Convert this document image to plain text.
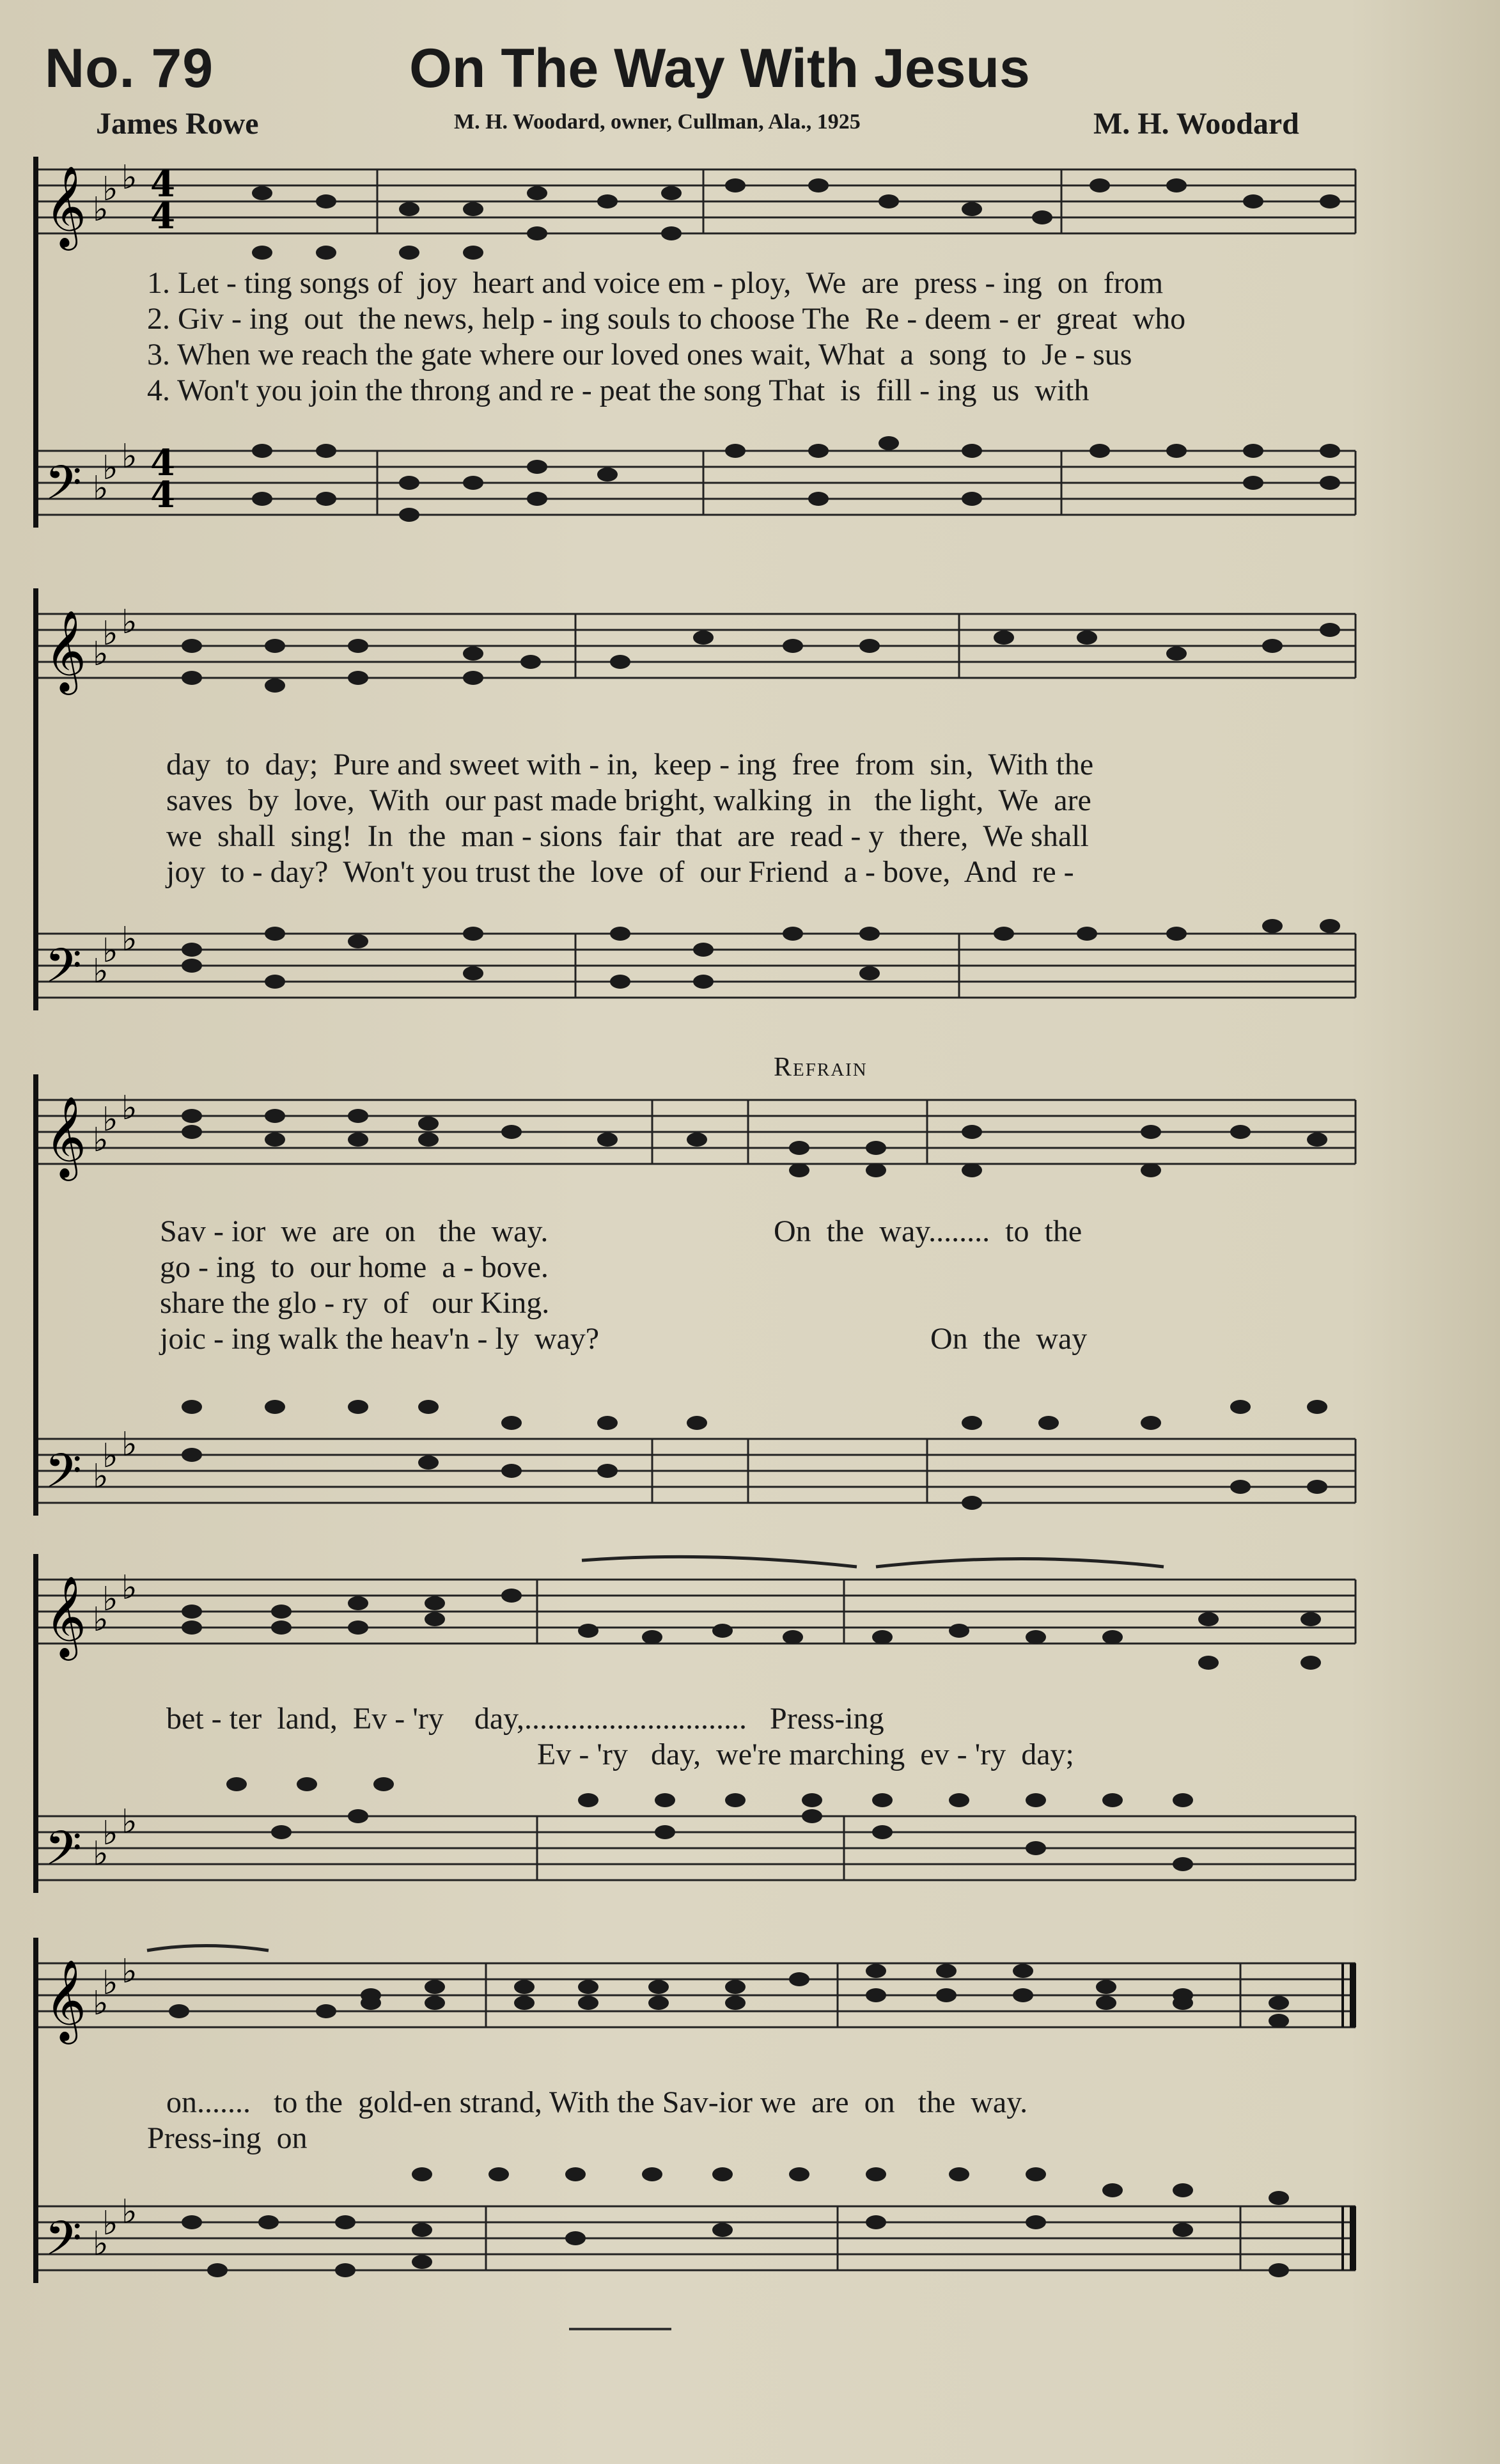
No. 79	On The Way With Jesus
James Rowe	M. H. Woodard, owner, Cullman, Ala., 1925	M. H. Woodard
𝄞
𝄢
4
4
4
4
♭ ♭
♭
♭ ♭
♭
1. Let - ting songs of  joy  heart and voice em - ploy,  We  are  press - ing  on  from
2. Giv - ing  out  the news, help - ing souls to choose The  Re - deem - er  great  who
3. When we reach the gate where our loved ones wait, What  a  song  to  Je - sus
4. Won't you join the throng and re - peat the song That  is  fill - ing  us  with
𝄞
𝄢
♭ ♭
♭
♭ ♭
♭
day  to  day;  Pure and sweet with - in,  keep - ing  free  from  sin,  With the
saves  by  love,  With  our past made bright, walking  in   the light,  We  are
we  shall  sing!  In  the  man - sions  fair  that  are  read - y  there,  We shall
joy  to - day?  Won't you trust the  love  of  our Friend  a - bove,  And  re -
Refrain
𝄞
𝄢
♭ ♭
♭
♭ ♭
♭
Sav - ior  we  are  on   the  way.
go - ing  to  our home  a - bove.
share the glo - ry  of   our King.
joic - ing walk the heav'n - ly  way?
On  the  way........  to  the
On  the  way
𝄞
𝄢
♭ ♭
♭
♭ ♭
♭
bet - ter  land,  Ev - 'ry    day,.............................   Press-ing
Ev - 'ry   day,  we're marching  ev - 'ry  day;
𝄞
𝄢
♭ ♭
♭
♭ ♭
♭
on.......   to the  gold-en strand, With the Sav-ior we  are  on   the  way.
Press-ing  on
